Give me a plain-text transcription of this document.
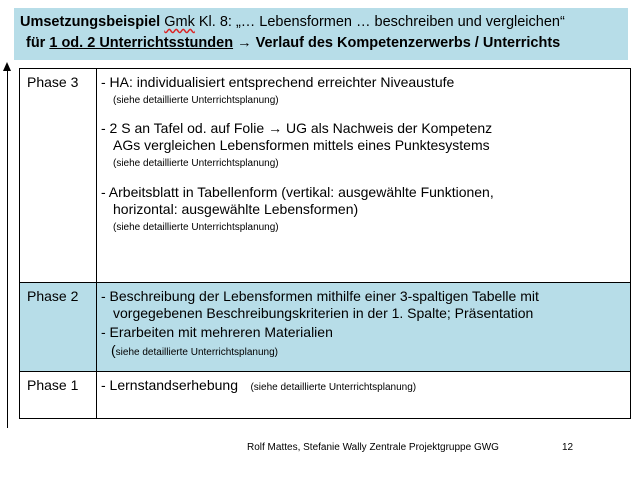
Umsetzungsbeispiel Gmk Kl. 8: „… Lebensformen … beschreiben und vergleichen“
für 1 od. 2 Unterrichtsstunden → Verlauf des Kompetenzerwerbs / Unterrichts
Phase 3 - HA: individualisiert entsprechend erreichter Niveaustufe
(siehe detaillierte Unterrichtsplanung)
- 2 S an Tafel od. auf Folie → UG als Nachweis der Kompetenz
AGs vergleichen Lebensformen mittels eines Punktesystems
(siehe detaillierte Unterrichtsplanung)
- Arbeitsblatt in Tabellenform (vertikal: ausgewählte Funktionen,
horizontal: ausgewählte Lebensformen)
(siehe detaillierte Unterrichtsplanung)
Phase 2 - Beschreibung der Lebensformen mithilfe einer 3-spaltigen Tabelle mit
vorgegebenen Beschreibungskriterien in der 1. Spalte; Präsentation
- Erarbeiten mit mehreren Materialien
(siehe detaillierte Unterrichtsplanung)
Phase 1 - Lernstandserhebung (siehe detaillierte Unterrichtsplanung)
Rolf Mattes, Stefanie Wally Zentrale Projektgruppe GWG	12
